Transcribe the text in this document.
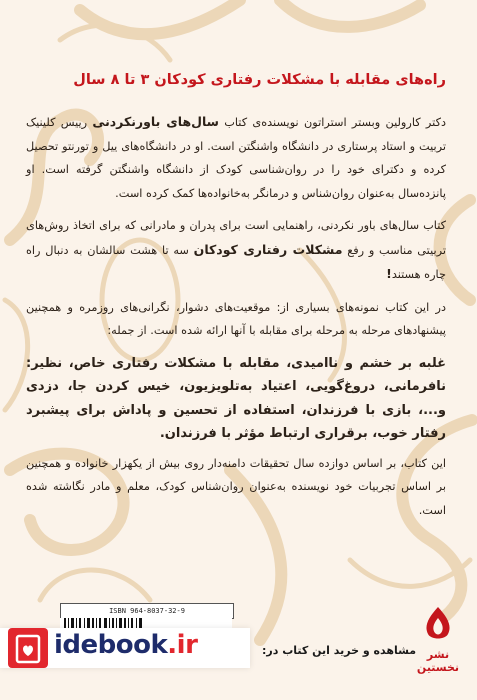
راه‌های مقابله با مشکلات رفتاری کودکان ۳ تا ۸ سال

دکتر کارولین وبستر استراتون نویسنده‌ی کتاب سال‌های باورنکردنی رییس کلینیک تربیت و استاد پرستاری در دانشگاه واشنگتن است. او در دانشگاه‌های ییل و تورنتو تحصیل کرده و دکترای خود را در روان‌شناسی کودک از دانشگاه واشنگتن گرفته است. او پانزده‌سال به‌عنوان روان‌شناس و درمانگر به‌خانواده‌ها کمک کرده است.

کتاب سال‌های باور نکردنی، راهنمایی است برای پدران و مادرانی که برای اتخاذ روش‌های تربیتی مناسب و رفع مشکلات رفتاری کودکان سه تا هشت سالشان به دنبال راه چاره هستند!

در این کتاب نمونه‌های بسیاری از: موقعیت‌های دشوار، نگرانی‌های روزمره و همچنین پیشنهادهای مرحله به مرحله برای مقابله با آنها ارائه شده است. از جمله:

غلبه بر خشم و ناامیدی، مقابله با مشکلات رفتاری خاص، نظیر: نافرمانی، دروغ‌گویی، اعتیاد به‌تلویزیون، خیس کردن جا، دزدی و...، بازی با فرزندان، استفاده از تحسین و پاداش برای پیشبرد رفتار خوب، برقراری ارتباط مؤثر با فرزندان.

این کتاب، بر اساس دوازده سال تحقیقات دامنه‌دار روی بیش از یکهزار خانواده و همچنین بر اساس تجربیات خود نویسنده به‌عنوان روان‌شناس کودک، معلم و مادر نگاشته شده است.

ISBN 964-8037-32-9
idebook.ir	مشاهده و خرید این کتاب در: نشر نخستین
